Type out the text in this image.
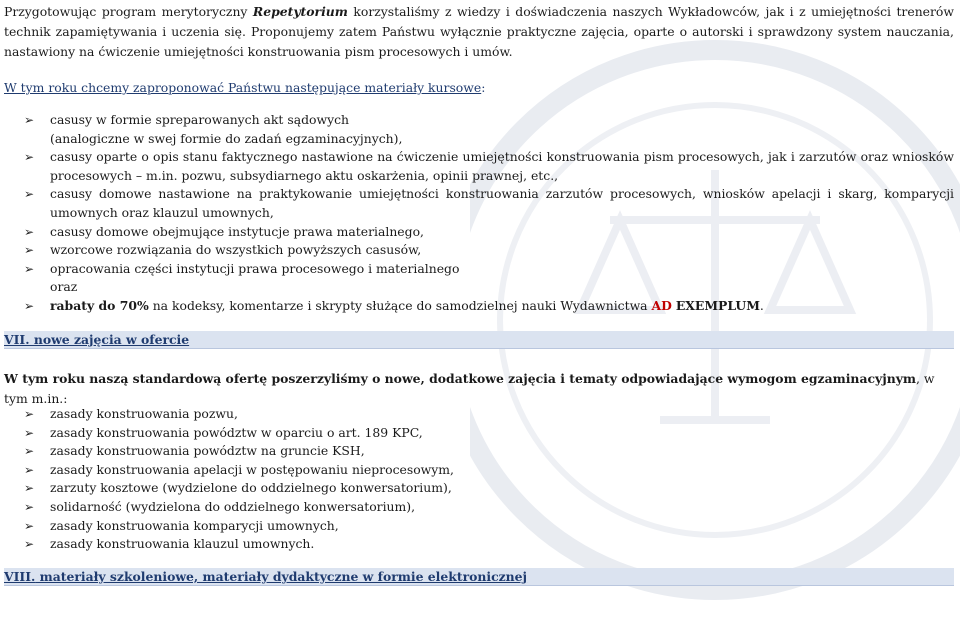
Przygotowując program merytoryczny Repetytorium korzystaliśmy z wiedzy i doświadczenia naszych Wykładowców, jak i z umiejętności trenerów technik zapamiętywania i uczenia się. Proponujemy zatem Państwu wyłącznie praktyczne zajęcia, oparte o autorski i sprawdzony system nauczania, nastawiony na ćwiczenie umiejętności konstruowania pism procesowych i umów.
W tym roku chcemy zaproponować Państwu następujące materiały kursowe:
➢ casusy w formie spreparowanych akt sądowych
(analogiczne w swej formie do zadań egzaminacyjnych),
➢ casusy oparte o opis stanu faktycznego nastawione na ćwiczenie umiejętności konstruowania pism procesowych, jak i zarzutów oraz wniosków procesowych – m.in. pozwu, subsydiarnego aktu oskarżenia, opinii prawnej, etc.,
➢ casusy domowe nastawione na praktykowanie umiejętności konstruowania zarzutów procesowych, wniosków apelacji i skarg, komparycji umownych oraz klauzul umownych,
➢ casusy domowe obejmujące instytucje prawa materialnego,
➢ wzorcowe rozwiązania do wszystkich powyższych casusów,
➢ opracowania części instytucji prawa procesowego i materialnego
oraz
➢ rabaty do 70% na kodeksy, komentarze i skrypty służące do samodzielnej nauki Wydawnictwa AD EXEMPLUM.
VII. nowe zajęcia w ofercie
W tym roku naszą standardową ofertę poszerzyliśmy o nowe, dodatkowe zajęcia i tematy odpowiadające wymogom egzaminacyjnym, w tym m.in.:
➢ zasady konstruowania pozwu,
➢ zasady konstruowania powództw w oparciu o art. 189 KPC,
➢ zasady konstruowania powództw na gruncie KSH,
➢ zasady konstruowania apelacji w postępowaniu nieprocesowym,
➢ zarzuty kosztowe (wydzielone do oddzielnego konwersatorium),
➢ solidarność (wydzielona do oddzielnego konwersatorium),
➢ zasady konstruowania komparycji umownych,
➢ zasady konstruowania klauzul umownych.
VIII. materiały szkoleniowe, materiały dydaktyczne w formie elektronicznej
